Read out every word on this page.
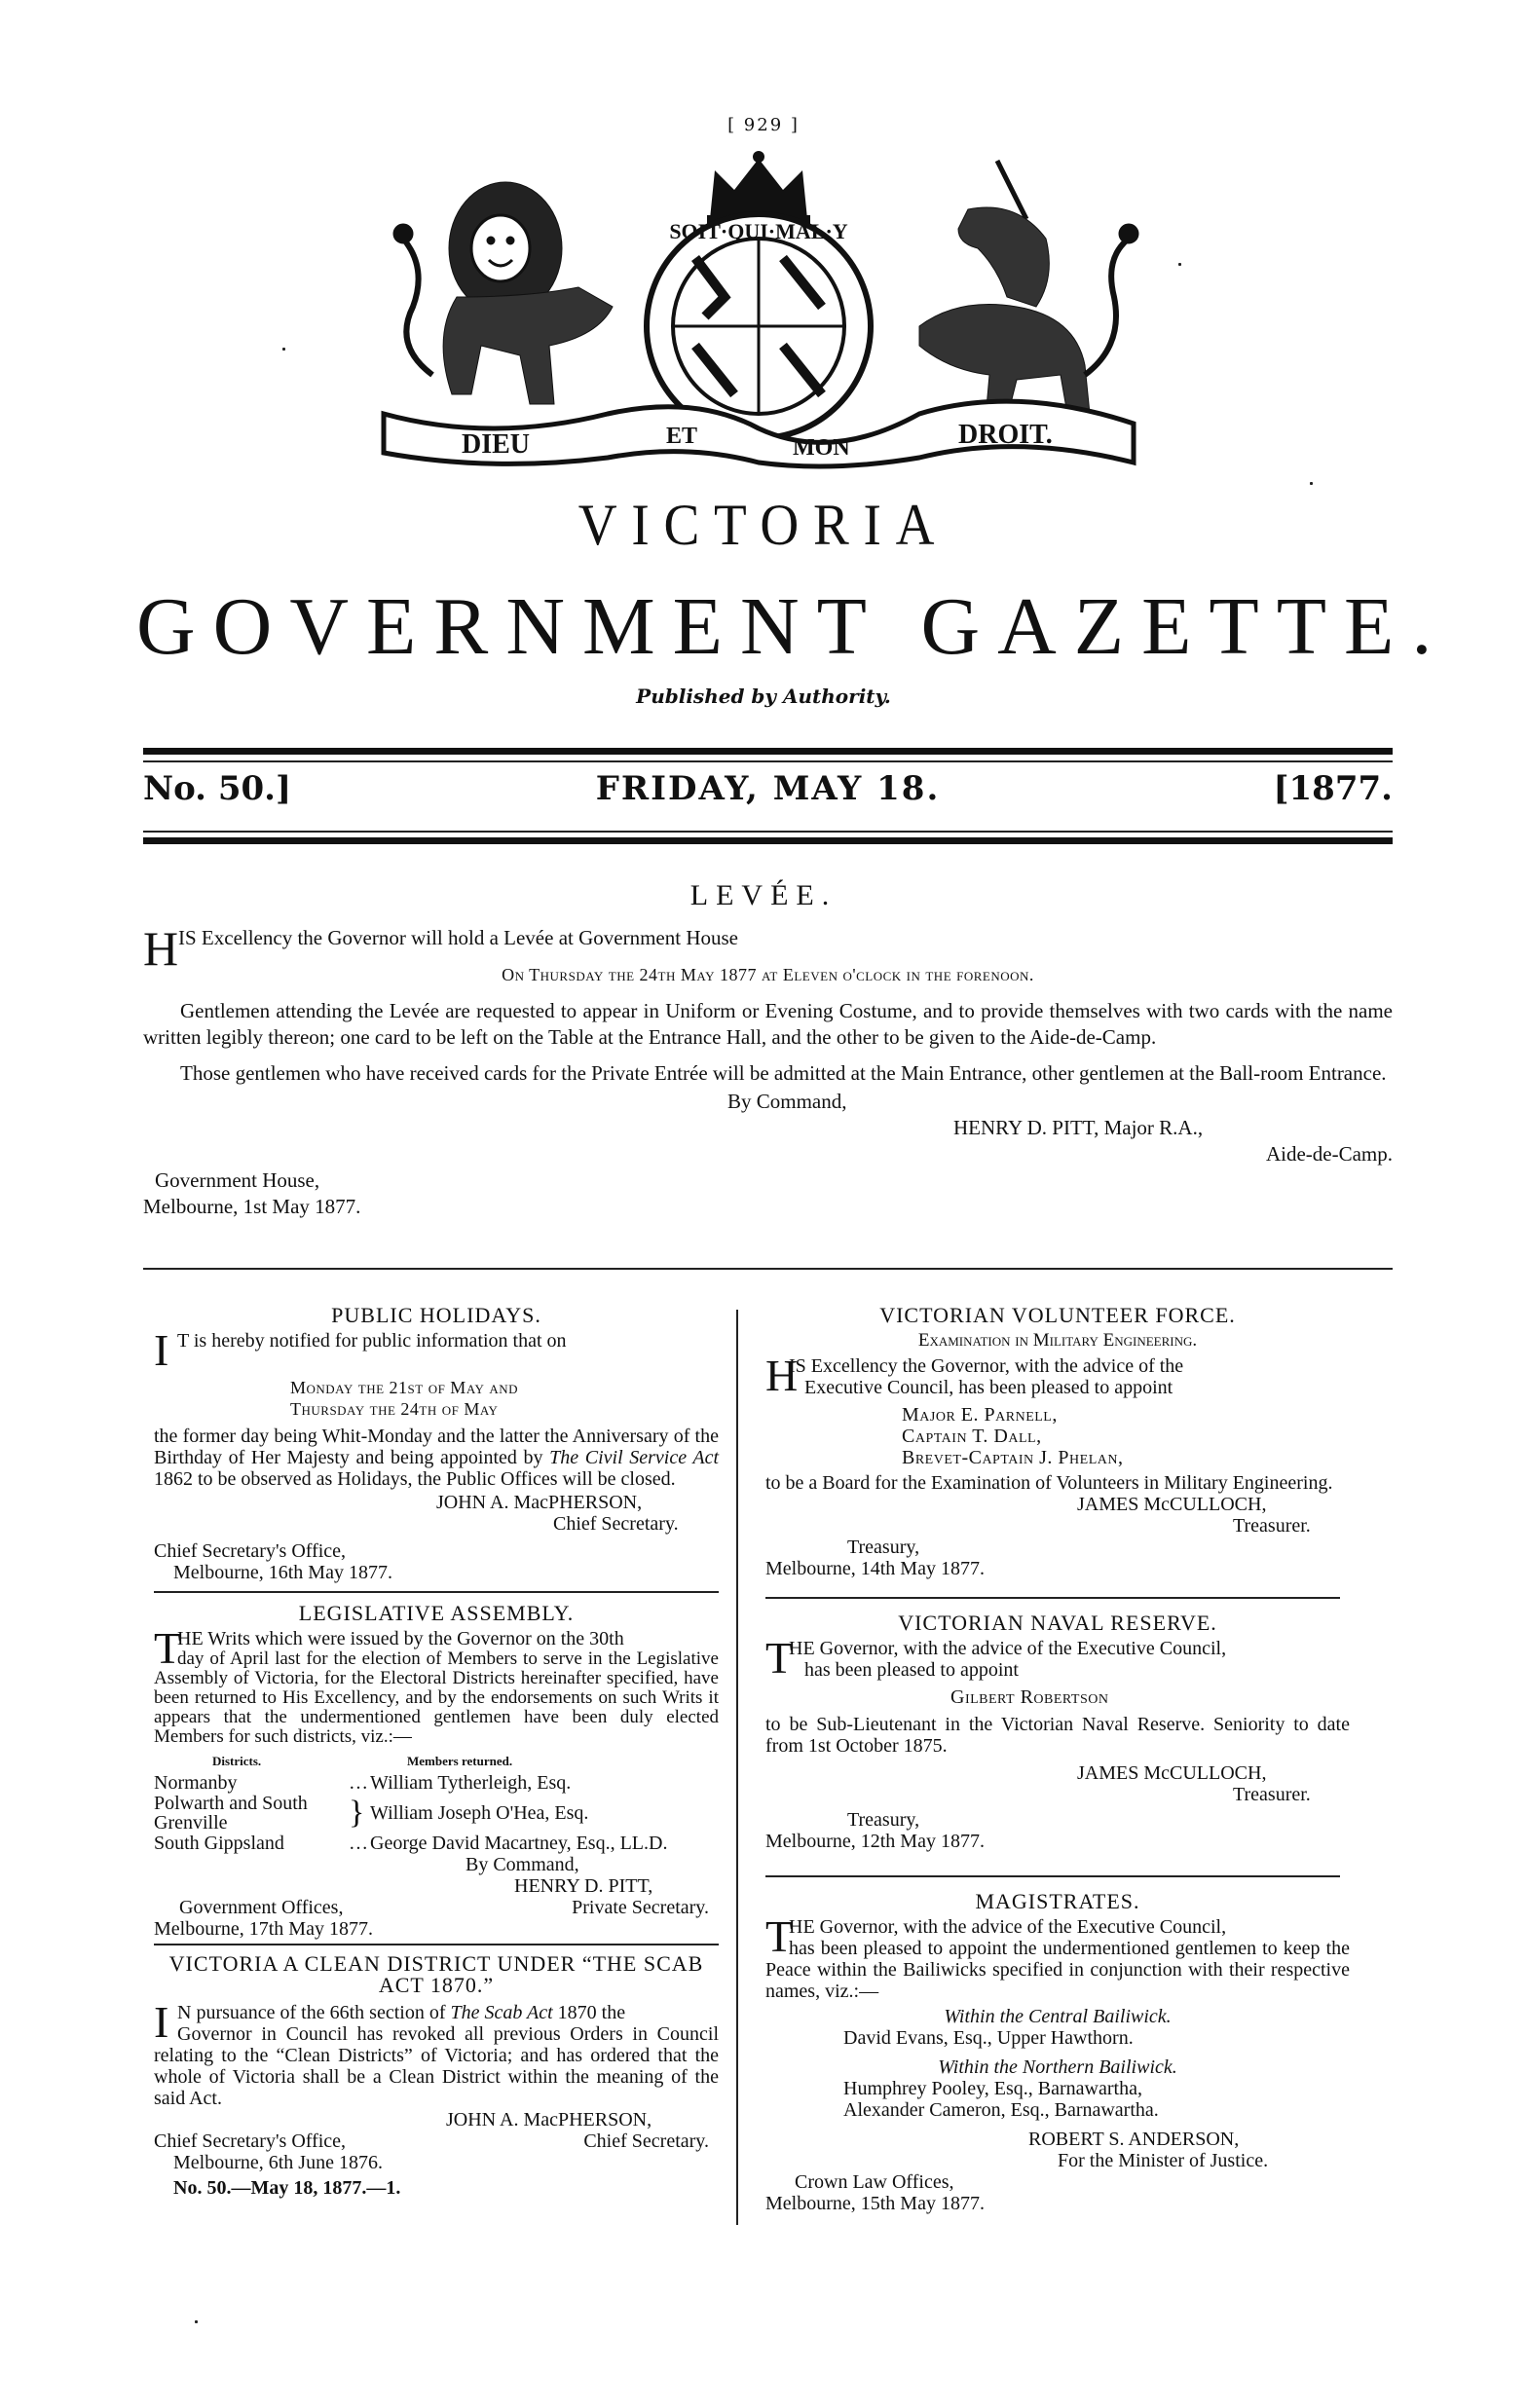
[ 929 ]
SOIT·QUI·MAL·Y
DIEU	ET	MON	DROIT.
VICTORIA
GOVERNMENT GAZETTE.
Published by Authority.
No. 50.]	FRIDAY, MAY 18.	[1877.
LEVÉE.
H IS Excellency the Governor will hold a Levée at Government House
On Thursday the 24th May 1877 at Eleven o'clock in the forenoon.

Gentlemen attending the Levée are requested to appear in Uniform or Evening Costume, and to provide themselves with two cards with the name written legibly thereon; one card to be left on the Table at the Entrance Hall, and the other to be given to the Aide-de-Camp.

Those gentlemen who have received cards for the Private Entrée will be admitted at the Main Entrance, other gentlemen at the Ball-room Entrance.

By Command,
HENRY D. PITT, Major R.A.,
Aide-de-Camp.
Government House,
Melbourne, 1st May 1877.
PUBLIC HOLIDAYS.
I T is hereby notified for public information that on
Monday the 21st of May and
Thursday the 24th of May

the former day being Whit-Monday and the latter the Anniversary of the Birthday of Her Majesty and being appointed by The Civil Service Act 1862 to be observed as Holidays, the Public Offices will be closed.

JOHN A. MacPHERSON,
Chief Secretary.
Chief Secretary's Office,
Melbourne, 16th May 1877.
LEGISLATIVE ASSEMBLY.
T
HE Writs which were issued by the Governor on the 30th

day of April last for the election of Members to serve in the Legislative Assembly of Victoria, for the Electoral Districts hereinafter specified, have been returned to His Excellency, and by the endorsements on such Writs it appears that the undermentioned gentlemen have been duly elected Members for such districts, viz.:—

Districts.	Members returned.
Normanby	… William Tytherleigh, Esq.
Polwarth and South Grenville	} William Joseph O'Hea, Esq.
South Gippsland	… George David Macartney, Esq., LL.D.
By Command,
HENRY D. PITT,
Government Offices,	Private Secretary.
Melbourne, 17th May 1877.
VICTORIA A CLEAN DISTRICT UNDER “THE SCAB ACT 1870.”
I N pursuance of the 66th section of The Scab Act 1870 the

Governor in Council has revoked all previous Orders in Council relating to the “Clean Districts” of Victoria; and has ordered that the whole of Victoria shall be a Clean District within the meaning of the said Act.

JOHN A. MacPHERSON,
Chief Secretary's Office,	Chief Secretary.
Melbourne, 6th June 1876.
No. 50.—May 18, 1877.—1.
VICTORIAN VOLUNTEER FORCE.
Examination in Military Engineering.
H
IS Excellency the Governor, with the advice of the
Executive Council, has been pleased to appoint
Major E. Parnell,
Captain T. Dall,
Brevet-Captain J. Phelan,

to be a Board for the Examination of Volunteers in Military Engineering.

JAMES McCULLOCH,
Treasurer.
Treasury,
Melbourne, 14th May 1877.
VICTORIAN NAVAL RESERVE.
T
HE Governor, with the advice of the Executive Council,
has been pleased to appoint
Gilbert Robertson

to be Sub-Lieutenant in the Victorian Naval Reserve. Seniority to date from 1st October 1875.

JAMES McCULLOCH,
Treasurer.
Treasury,
Melbourne, 12th May 1877.
MAGISTRATES.
T
HE Governor, with the advice of the Executive Council,

has been pleased to appoint the undermentioned gentlemen to keep the Peace within the Bailiwicks specified in conjunction with their respective names, viz.:—

Within the Central Bailiwick.
David Evans, Esq., Upper Hawthorn.
Within the Northern Bailiwick.
Humphrey Pooley, Esq., Barnawartha,
Alexander Cameron, Esq., Barnawartha.
ROBERT S. ANDERSON,
For the Minister of Justice.
Crown Law Offices,
Melbourne, 15th May 1877.
